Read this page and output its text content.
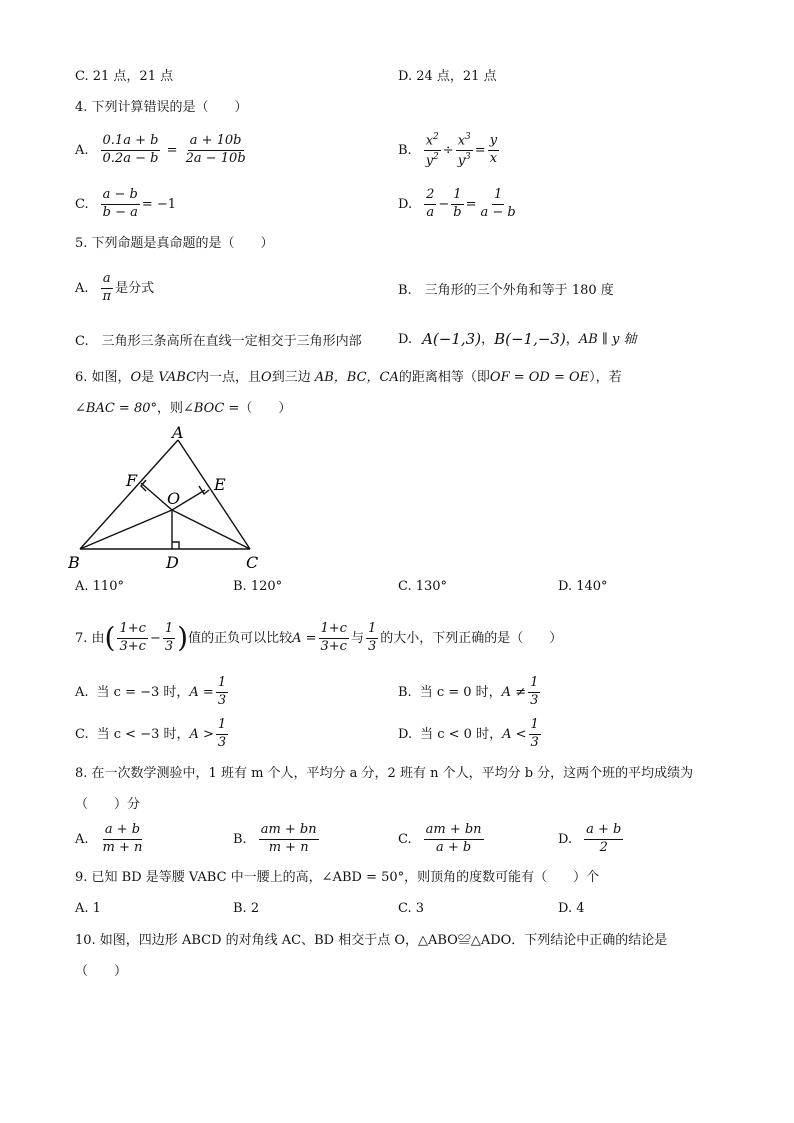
C. 21 点，21 点	D. 24 点，21 点
4. 下列计算错误的是（　　）
A. $\frac{0.1a + b}{0.2a - b} = \frac{a + 10b}{2a - 10b}$	B. $\frac{x^2}{y^2} \div \frac{x^3}{y^3} = \frac{y}{x}$
C. $\frac{a - b}{b - a} = -1$	D. $\frac{2}{a} - \frac{1}{b} = \frac{1}{a - b}$
5. 下列命题是真命题的是（　　）
A. $\frac{a}{\pi}$ 是分式	B.　三角形的三个外角和等于 180 度
C.　三角形三条高所在直线一定相交于三角形内部	D. A(−1,3) ， B(−1,−3) ， AB ∥ y 轴
6. 如图，O是 VABC内一点，且O到三边 AB，BC，CA的距离相等（即OF = OD = OE），若
∠BAC = 80°，则∠BOC =（　　）
A
B	C
D
E
F
O
A. 110°	B. 120°	C. 130°	D. 140°
7. 由 ( $\frac{1+c}{3+c} - \frac{1}{3}$ ) 值的正负可以比较 $A = \frac{1+c}{3+c}$ 与 $\frac{1}{3}$ 的大小，下列正确的是（　　）
A. 当 c = −3 时， $A = \frac{1}{3}$	B. 当 c = 0 时， $A \ne \frac{1}{3}$
C. 当 c < −3 时， $A > \frac{1}{3}$	D. 当 c < 0 时， $A < \frac{1}{3}$
8. 在一次数学测验中，1 班有 m 个人，平均分 a 分，2 班有 n 个人，平均分 b 分，这两个班的平均成绩为
（　　）分
A. $\frac{a + b}{m + n}$	B. $\frac{am + bn}{m + n}$	C. $\frac{am + bn}{a + b}$	D. $\frac{a + b}{2}$
9. 已知 BD 是等腰 VABC 中一腰上的高，∠ABD = 50°，则顶角的度数可能有（　　）个
A. 1	B. 2	C. 3	D. 4
10. 如图，四边形 ABCD 的对角线 AC、BD 相交于点 O，△ABO≌△ADO．下列结论中正确的结论是
（　　）
